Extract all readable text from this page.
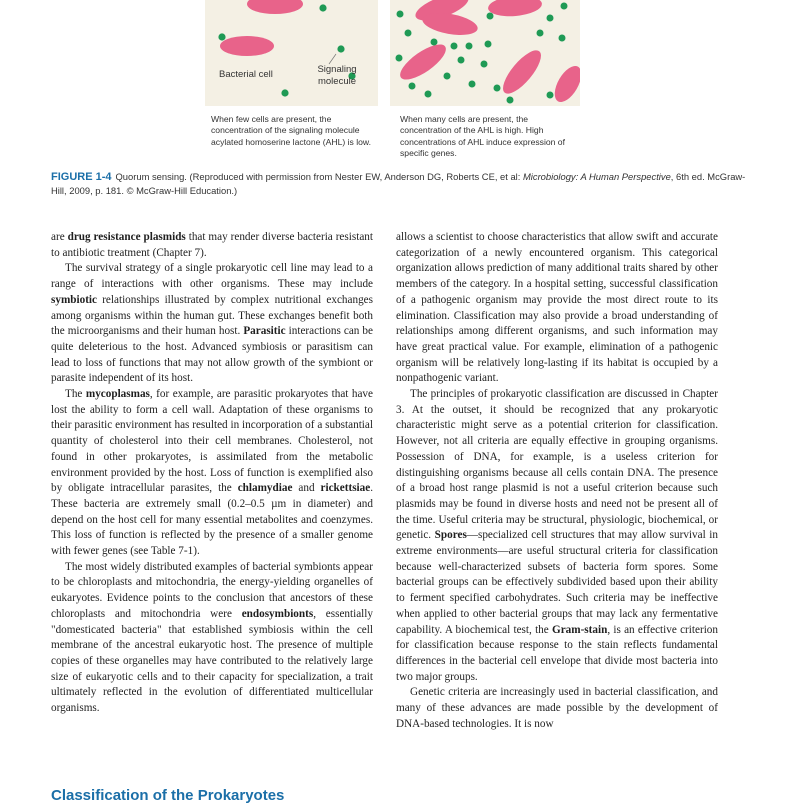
Bacterial cell	Signaling
molecule
When few cells are present, the concentration of the signaling molecule acylated homoserine lactone (AHL) is low.
When many cells are present, the concentration of the AHL is high. High concentrations of AHL induce expression of specific genes.
FIGURE 1-4 Quorum sensing. (Reproduced with permission from Nester EW, Anderson DG, Roberts CE, et al: Microbiology: A Human Perspective, 6th ed. McGraw-Hill, 2009, p. 181. © McGraw-Hill Education.)

are drug resistance plasmids that may render diverse bacteria resistant to antibiotic treatment (Chapter 7).

The survival strategy of a single prokaryotic cell line may lead to a range of interactions with other organisms. These may include symbiotic relationships illustrated by complex nutritional exchanges among organisms within the human gut. These exchanges benefit both the microorganisms and their human host. Parasitic interactions can be quite deleterious to the host. Advanced symbiosis or parasitism can lead to loss of functions that may not allow growth of the symbiont or parasite independent of its host.

The mycoplasmas, for example, are parasitic prokaryotes that have lost the ability to form a cell wall. Adaptation of these organisms to their parasitic environment has resulted in incorporation of a substantial quantity of cholesterol into their cell membranes. Cholesterol, not found in other prokaryotes, is assimilated from the metabolic environment provided by the host. Loss of function is exemplified also by obligate intracellular parasites, the chlamydiae and rickettsiae. These bacteria are extremely small (0.2–0.5 µm in diameter) and depend on the host cell for many essential metabolites and coenzymes. This loss of function is reflected by the presence of a smaller genome with fewer genes (see Table 7-1).

The most widely distributed examples of bacterial symbionts appear to be chloroplasts and mitochondria, the energy-yielding organelles of eukaryotes. Evidence points to the conclusion that ancestors of these chloroplasts and mitochondria were endosymbionts, essentially "domesticated bacteria" that established symbiosis within the cell membrane of the ancestral eukaryotic host. The presence of multiple copies of these organelles may have contributed to the relatively large size of eukaryotic cells and to their capacity for specialization, a trait ultimately reflected in the evolution of differentiated multicellular organisms.

allows a scientist to choose characteristics that allow swift and accurate categorization of a newly encountered organism. This categorical organization allows prediction of many additional traits shared by other members of the category. In a hospital setting, successful classification of a pathogenic organism may provide the most direct route to its elimination. Classification may also provide a broad understanding of relationships among different organisms, and such information may have great practical value. For example, elimination of a pathogenic organism will be relatively long-lasting if its habitat is occupied by a nonpathogenic variant.

The principles of prokaryotic classification are discussed in Chapter 3. At the outset, it should be recognized that any prokaryotic characteristic might serve as a potential criterion for classification. However, not all criteria are equally effective in grouping organisms. Possession of DNA, for example, is a useless criterion for distinguishing organisms because all cells contain DNA. The presence of a broad host range plasmid is not a useful criterion because such plasmids may be found in diverse hosts and need not be present all of the time. Useful criteria may be structural, physiologic, biochemical, or genetic. Spores—specialized cell structures that may allow survival in extreme environments—are useful structural criteria for classification because well-characterized subsets of bacteria form spores. Some bacterial groups can be effectively subdivided based upon their ability to ferment specified carbohydrates. Such criteria may be ineffective when applied to other bacterial groups that may lack any fermentative capability. A biochemical test, the Gram-stain, is an effective criterion for classification because response to the stain reflects fundamental differences in the bacterial cell envelope that divide most bacteria into two major groups.

Genetic criteria are increasingly used in bacterial classification, and many of these advances are made possible by the development of DNA-based technologies. It is now

Classification of the Prokaryotes
